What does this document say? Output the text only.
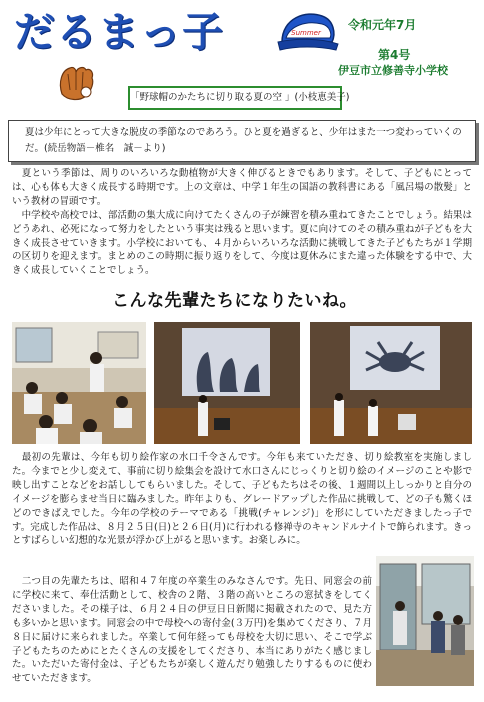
だるまっ子	Summer
令和元年7月
第4号
伊豆市立修善寺小学校
「野球帽のかたちに切り取る夏の空 」(小枝恵美子)
夏は少年にとって大きな脱皮の季節なのであろう。ひと夏を過ぎると、少年はまた一つ変わっていくのだ。(続岳物語－椎名　誠－より)
　夏という季節は、周りのいろいろな動植物が大きく伸びるときでもあります。そして、子どもにとっては、心も体も大きく成長する時期です。上の文章は、中学１年生の国語の教科書にある「風呂場の散髪」という教材の冒頭です。
　中学校や高校では、部活動の集大成に向けてたくさんの子が練習を積み重ねてきたことでしょう。結果はどうあれ、必死になって努力をしたという事実は残ると思います。夏に向けてのその積み重ねが子どもを大きく成長させていきます。小学校においても、４月からいろいろな活動に挑戦してきた子どもたちが１学期の区切りを迎えます。まとめのこの時期に振り返りをして、今度は夏休みにまた違った体験をする中で、大きく成長していくことでしょう。
こんな先輩たちになりたいね。
　最初の先輩は、今年も切り絵作家の水口千令さんです。今年も来ていただき、切り絵教室を実施しました。今までと少し変えて、事前に切り絵集会を設けて水口さんにじっくりと切り絵のイメージのことや影で映し出すことなどをお話ししてもらいました。そして、子どもたちはその後、１週間以上しっかりと自分のイメージを膨らませ当日に臨みました。昨年よりも、グレードアップした作品に挑戦して、どの子も驚くほどのできばえでした。今年の学校のテーマである「挑戦(チャレンジ)」を形にしていただきましたっ子です。完成した作品は、８月２５日(日)と２６日(月)に行われる修禅寺のキャンドルナイトで飾られます。きっとすばらしい幻想的な光景が浮かび上がると思います。お楽しみに。
　二つ目の先輩たちは、昭和４７年度の卒業生のみなさんです。先日、同窓会の前に学校に来て、奉仕活動として、校舎の２階、３階の高いところの窓拭きをしてくださいました。その様子は、６月２４日の伊豆日日新聞に掲載されたので、見た方も多いかと思います。同窓会の中で母校への寄付金(３万円)を集めてくださり、７月８日に届けに来られました。卒業して何年経っても母校を大切に思い、そこで学ぶ子どもたちのためにとたくさんの支援をしてくださり、本当にありがたく感じました。いただいた寄付金は、子どもたちが楽しく遊んだり勉強したりするものに使わせていただきます。
